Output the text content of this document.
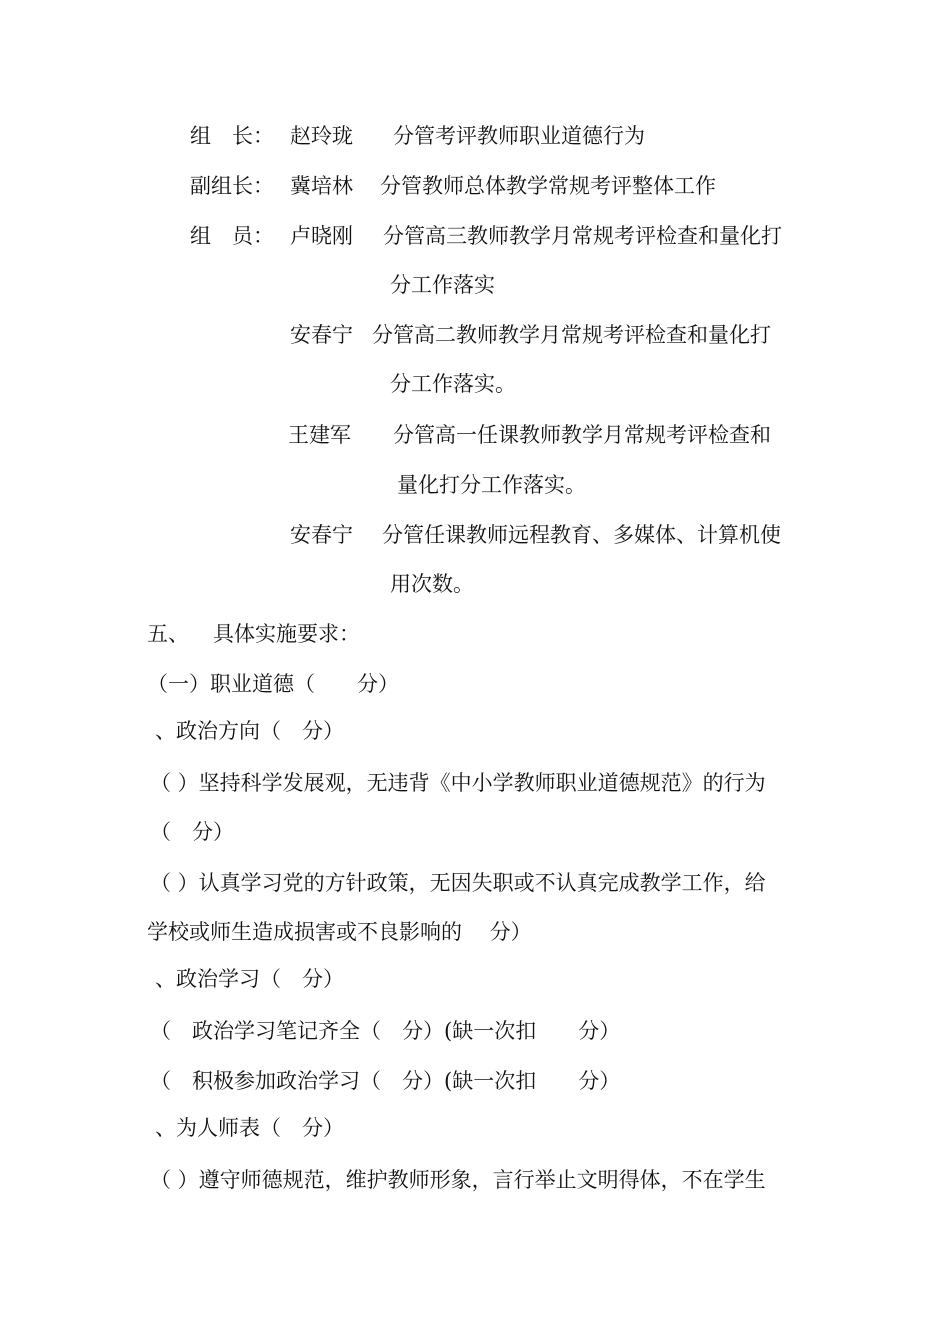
组　长： 赵玲珑 分管考评教师职业道德行为
副组长： 冀培林 分管教师总体教学常规考评整体工作
组　员： 卢晓刚 分管高三教师教学月常规考评检查和量化打
分工作落实
安春宁 分管高二教师教学月常规考评检查和量化打
分工作落实。
王建军 分管高一任课教师教学月常规考评检查和
量化打分工作落实。
安春宁 分管任课教师远程教育、多媒体、计算机使
用次数。
五、 具体实施要求：
（一）职业道德（　　分）
、政治方向（　分）
（ ）坚持科学发展观，无违背《中小学教师职业道德规范》的行为
（　分）
（ ）认真学习党的方针政策，无因失职或不认真完成教学工作，给
学校或师生造成损害或不良影响的　 分）
、政治学习（　分）
（　政治学习笔记齐全（　分）(缺一次扣　　分）
（　积极参加政治学习（　分）(缺一次扣　　分）
、为人师表（　分）
（ ）遵守师德规范，维护教师形象，言行举止文明得体，不在学生
